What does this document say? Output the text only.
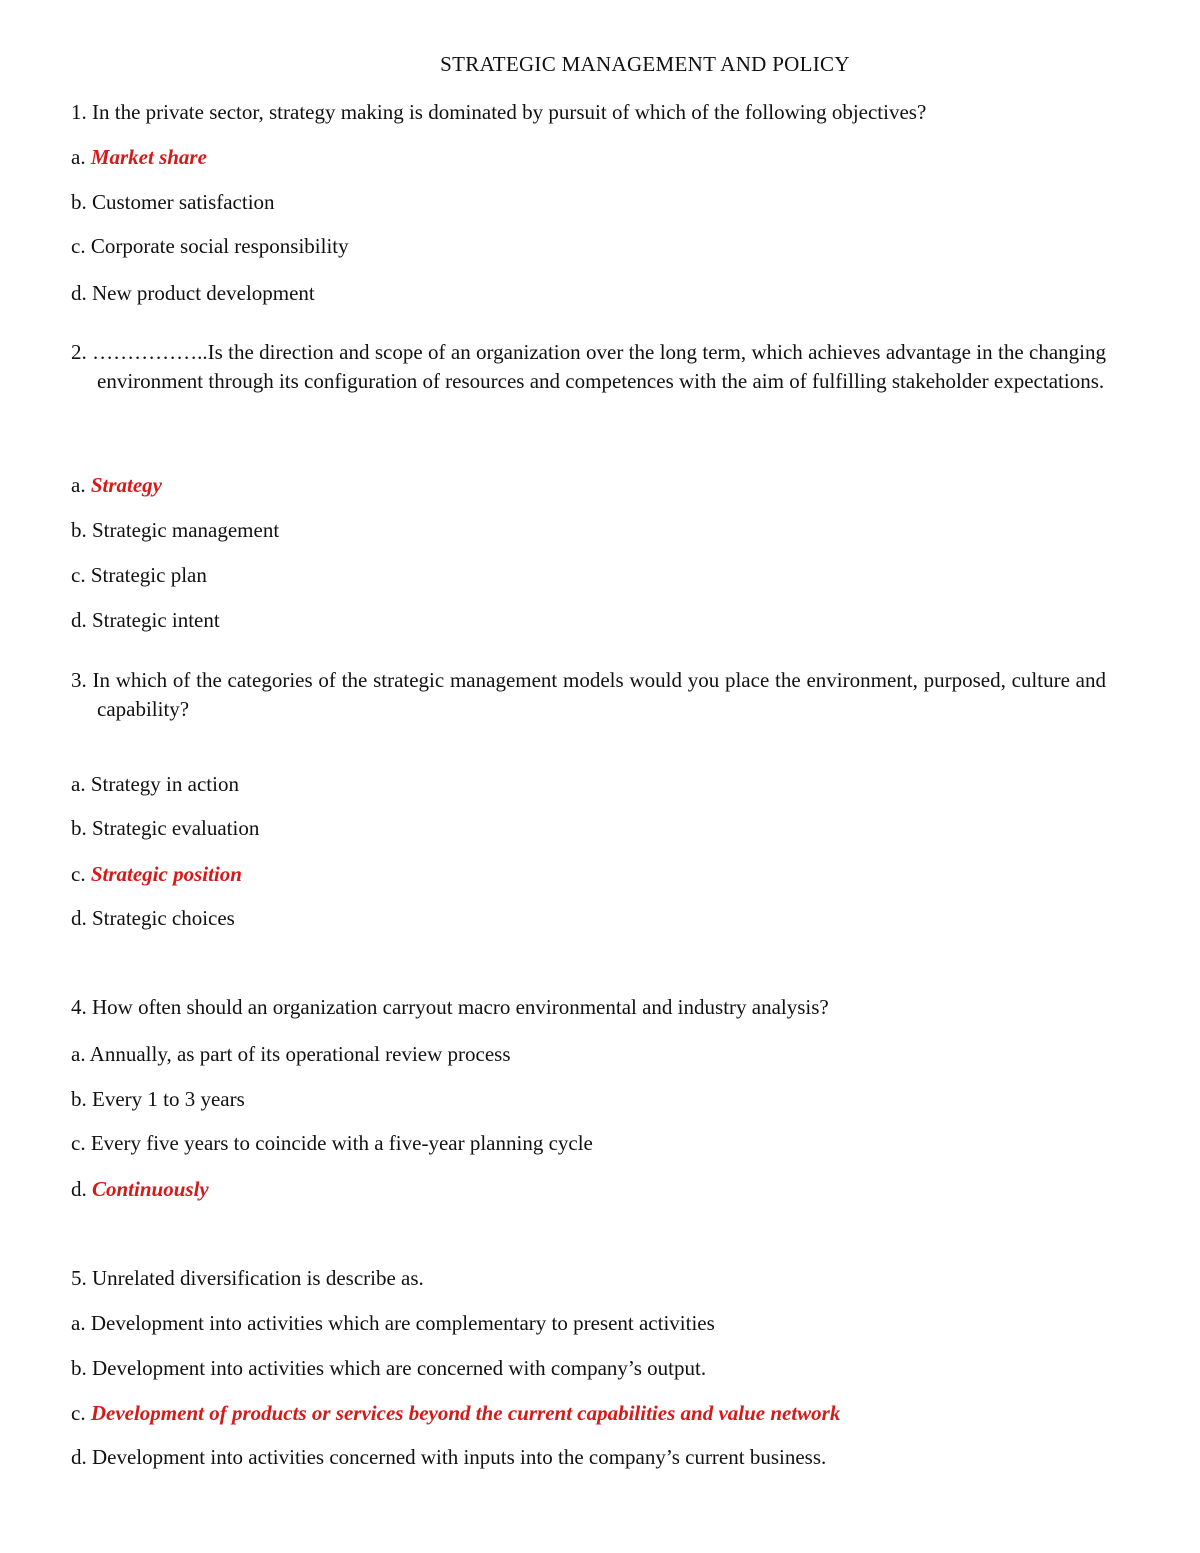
STRATEGIC MANAGEMENT AND POLICY

1. In the private sector, strategy making is dominated by pursuit of which of the following objectives?

a. Market share

b. Customer satisfaction

c. Corporate social responsibility

d. New product development

2. ……………..Is the direction and scope of an organization over the long term, which achieves advantage in the changing environment through its configuration of resources and competences with the aim of fulfilling stakeholder expectations.

a. Strategy

b. Strategic management

c. Strategic plan

d. Strategic intent

3. In which of the categories of the strategic management models would you place the environment, purposed, culture and capability?

a. Strategy in action

b. Strategic evaluation

c. Strategic position

d. Strategic choices

4. How often should an organization carryout macro environmental and industry analysis?

a. Annually, as part of its operational review process

b. Every 1 to 3 years

c. Every five years to coincide with a five-year planning cycle

d. Continuously

5. Unrelated diversification is describe as.

a. Development into activities which are complementary to present activities

b. Development into activities which are concerned with company’s output.

c. Development of products or services beyond the current capabilities and value network

d. Development into activities concerned with inputs into the company’s current business.
